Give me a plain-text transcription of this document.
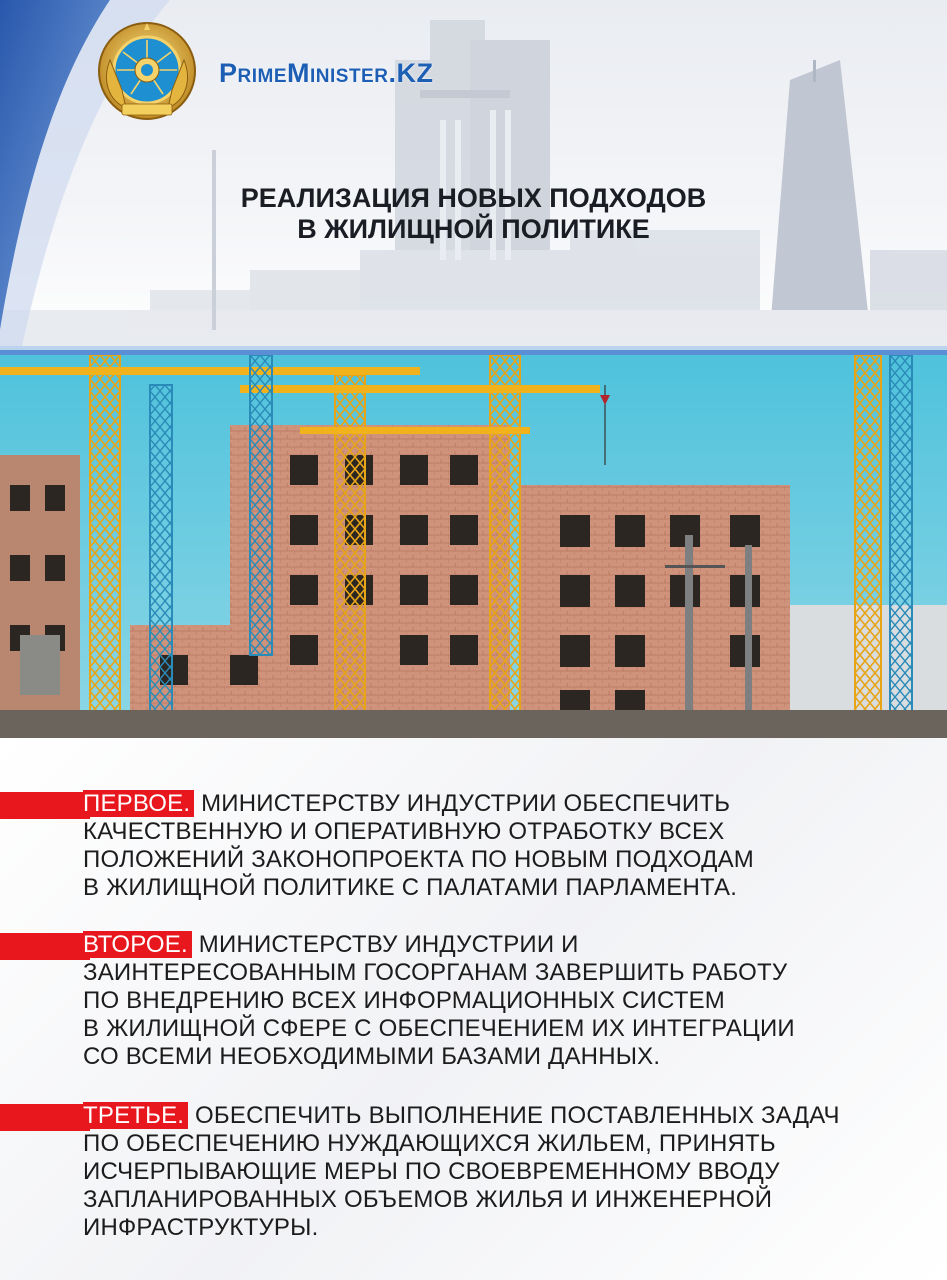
PrimeMinister.KZ
РЕАЛИЗАЦИЯ НОВЫХ ПОДХОДОВ
В ЖИЛИЩНОЙ ПОЛИТИКЕ
ПЕРВОЕ. МИНИСТЕРСТВУ ИНДУСТРИИ ОБЕСПЕЧИТЬ
КАЧЕСТВЕННУЮ И ОПЕРАТИВНУЮ ОТРАБОТКУ ВСЕХ
ПОЛОЖЕНИЙ ЗАКОНОПРОЕКТА ПО НОВЫМ ПОДХОДАМ
В ЖИЛИЩНОЙ ПОЛИТИКЕ С ПАЛАТАМИ ПАРЛАМЕНТА.
ВТОРОЕ. МИНИСТЕРСТВУ ИНДУСТРИИ И
ЗАИНТЕРЕСОВАННЫМ ГОСОРГАНАМ ЗАВЕРШИТЬ РАБОТУ
ПО ВНЕДРЕНИЮ ВСЕХ ИНФОРМАЦИОННЫХ СИСТЕМ
В ЖИЛИЩНОЙ СФЕРЕ С ОБЕСПЕЧЕНИЕМ ИХ ИНТЕГРАЦИИ
СО ВСЕМИ НЕОБХОДИМЫМИ БАЗАМИ ДАННЫХ.
ТРЕТЬЕ. ОБЕСПЕЧИТЬ ВЫПОЛНЕНИЕ ПОСТАВЛЕННЫХ ЗАДАЧ
ПО ОБЕСПЕЧЕНИЮ НУЖДАЮЩИХСЯ ЖИЛЬЕМ, ПРИНЯТЬ
ИСЧЕРПЫВАЮЩИЕ МЕРЫ ПО СВОЕВРЕМЕННОМУ ВВОДУ
ЗАПЛАНИРОВАННЫХ ОБЪЕМОВ ЖИЛЬЯ И ИНЖЕНЕРНОЙ
ИНФРАСТРУКТУРЫ.
